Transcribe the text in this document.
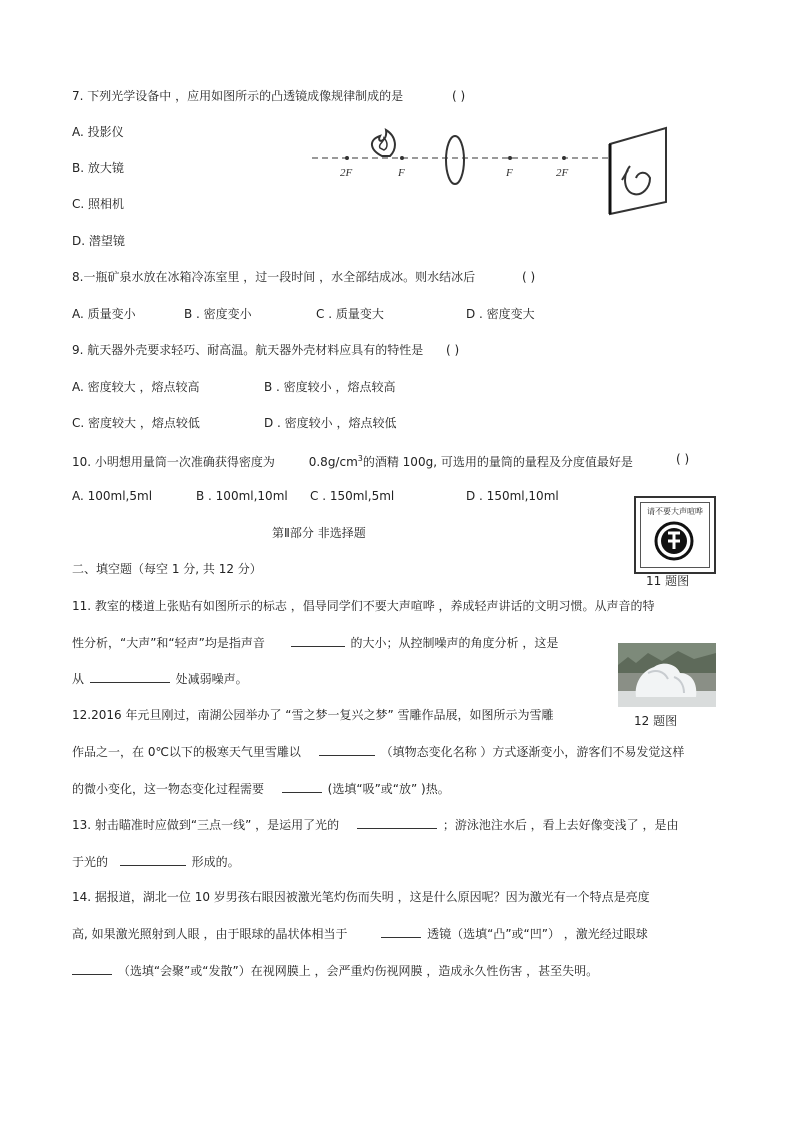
7. 下列光学设备中 ，应用如图所示的凸透镜成像规律制成的是	( )
A. 投影仪
B. 放大镜
C. 照相机
D. 潜望镜
2F	F	F	2F
8.一瓶矿泉水放在冰箱冷冻室里 ，过一段时间 ，水全部结成冰。则水结冰后	( )
A. 质量变小	B . 密度变小	C . 质量变大	D . 密度变大
9. 航天器外壳要求轻巧、耐高温。航天器外壳材料应具有的特性是 ( )
A. 密度较大 ，熔点较高	B . 密度较小 ，熔点较高
C. 密度较大 ，熔点较低	D . 密度较小 ，熔点较低
10. 小明想用量筒一次准确获得密度为	$0.8g/cm^3$的酒精 100g, 可选用的量筒的量程及分度值最好是	( )
A. 100ml,5ml	B . 100ml,10ml C . 150ml,5ml	D . 150ml,10ml
请不要大声喧哗
11 题图
第Ⅱ部分 非选择题
二、填空题（每空 1 分, 共 12 分）
11. 教室的楼道上张贴有如图所示的标志 ，倡导同学们不要大声喧哗 ，养成轻声讲话的文明习惯。从声音的特
性分析，“大声”和“轻声”均是指声音	的大小；从控制噪声的角度分析 ，这是
从	处减弱噪声。
12 题图
12.2016 年元旦刚过，南湖公园举办了 “雪之梦一复兴之梦” 雪雕作品展，如图所示为雪雕
作品之一，在 0℃以下的极寒天气里雪雕以	（填物态变化名称 ）方式逐渐变小，游客们不易发觉这样
的微小变化，这一物态变化过程需要	(选填“吸”或“放” )热。
13. 射击瞄准时应做到“三点一线” ，是运用了光的	；游泳池注水后 ，看上去好像变浅了 ，是由
于光的	形成的。
14. 据报道，湖北一位 10 岁男孩右眼因被激光笔灼伤而失明 ，这是什么原因呢？因为激光有一个特点是亮度
高, 如果激光照射到人眼 ，由于眼球的晶状体相当于	透镜（选填“凸”或“凹”） ，激光经过眼球
（选填“会聚”或“发散”）在视网膜上 ，会严重灼伤视网膜 ，造成永久性伤害 ，甚至失明。
